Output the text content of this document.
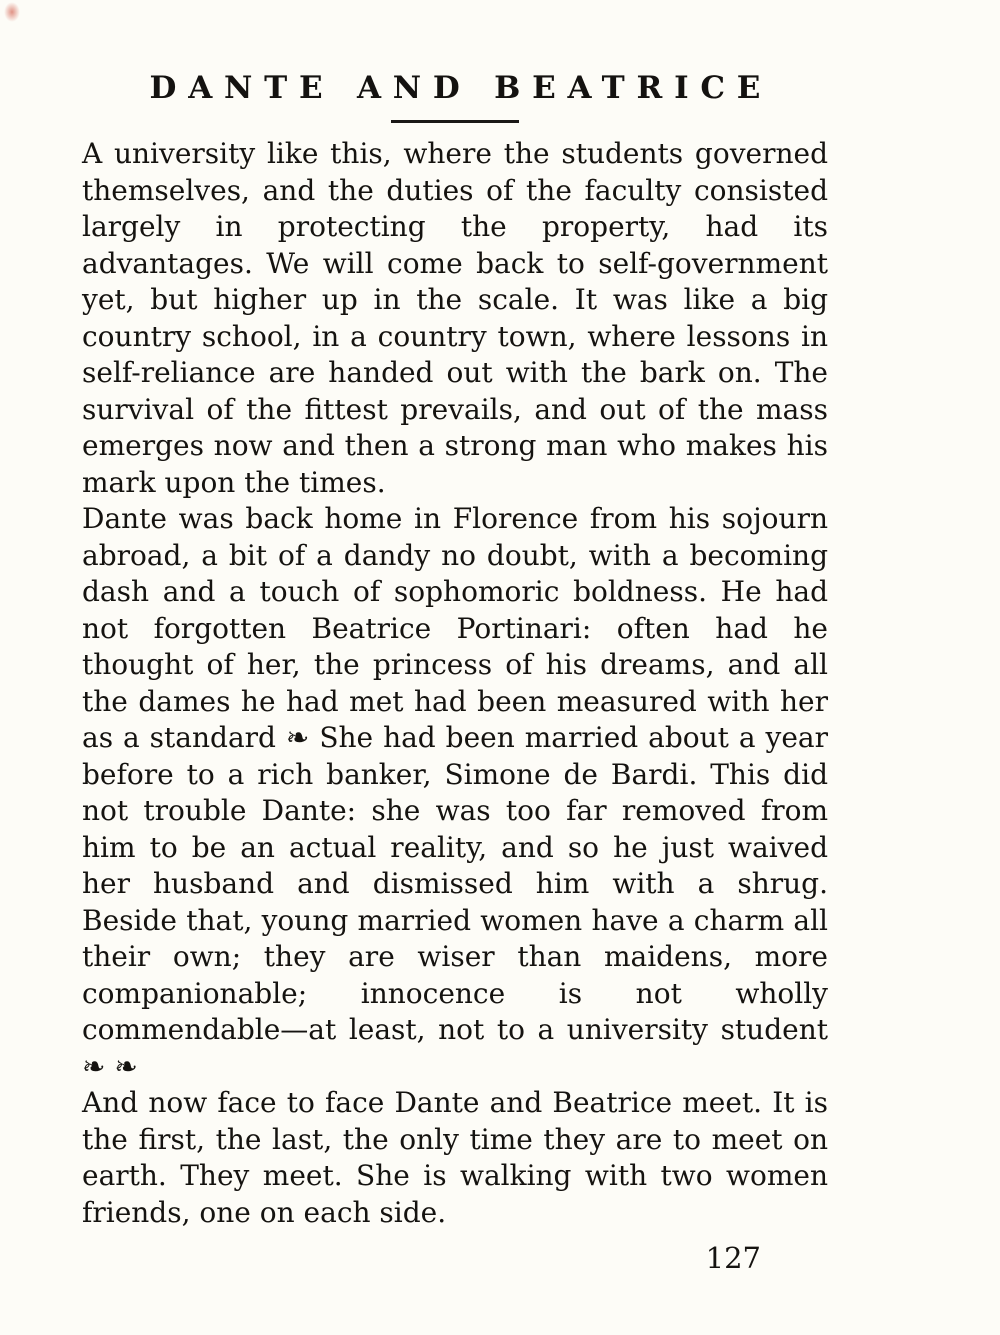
DANTE AND BEATRICE

A university like this, where the students governed themselves, and the duties of the faculty consisted largely in protecting the property, had its advantages. We will come back to self-government yet, but higher up in the scale. It was like a big country school, in a country town, where lessons in self-reliance are handed out with the bark on. The survival of the fittest prevails, and out of the mass emerges now and then a strong man who makes his mark upon the times.

Dante was back home in Florence from his sojourn abroad, a bit of a dandy no doubt, with a becoming dash and a touch of sophomoric boldness. He had not forgotten Beatrice Portinari: often had he thought of her, the princess of his dreams, and all the dames he had met had been measured with her as a standard ❧ She had been married about a year before to a rich banker, Simone de Bardi. This did not trouble Dante: she was too far removed from him to be an actual reality, and so he just waived her husband and dismissed him with a shrug. Beside that, young married women have a charm all their own; they are wiser than maidens, more companionable; innocence is not wholly commendable—at least, not to a university student ❧ ❧

And now face to face Dante and Beatrice meet. It is the first, the last, the only time they are to meet on earth. They meet. She is walking with two women friends, one on each side.

127
